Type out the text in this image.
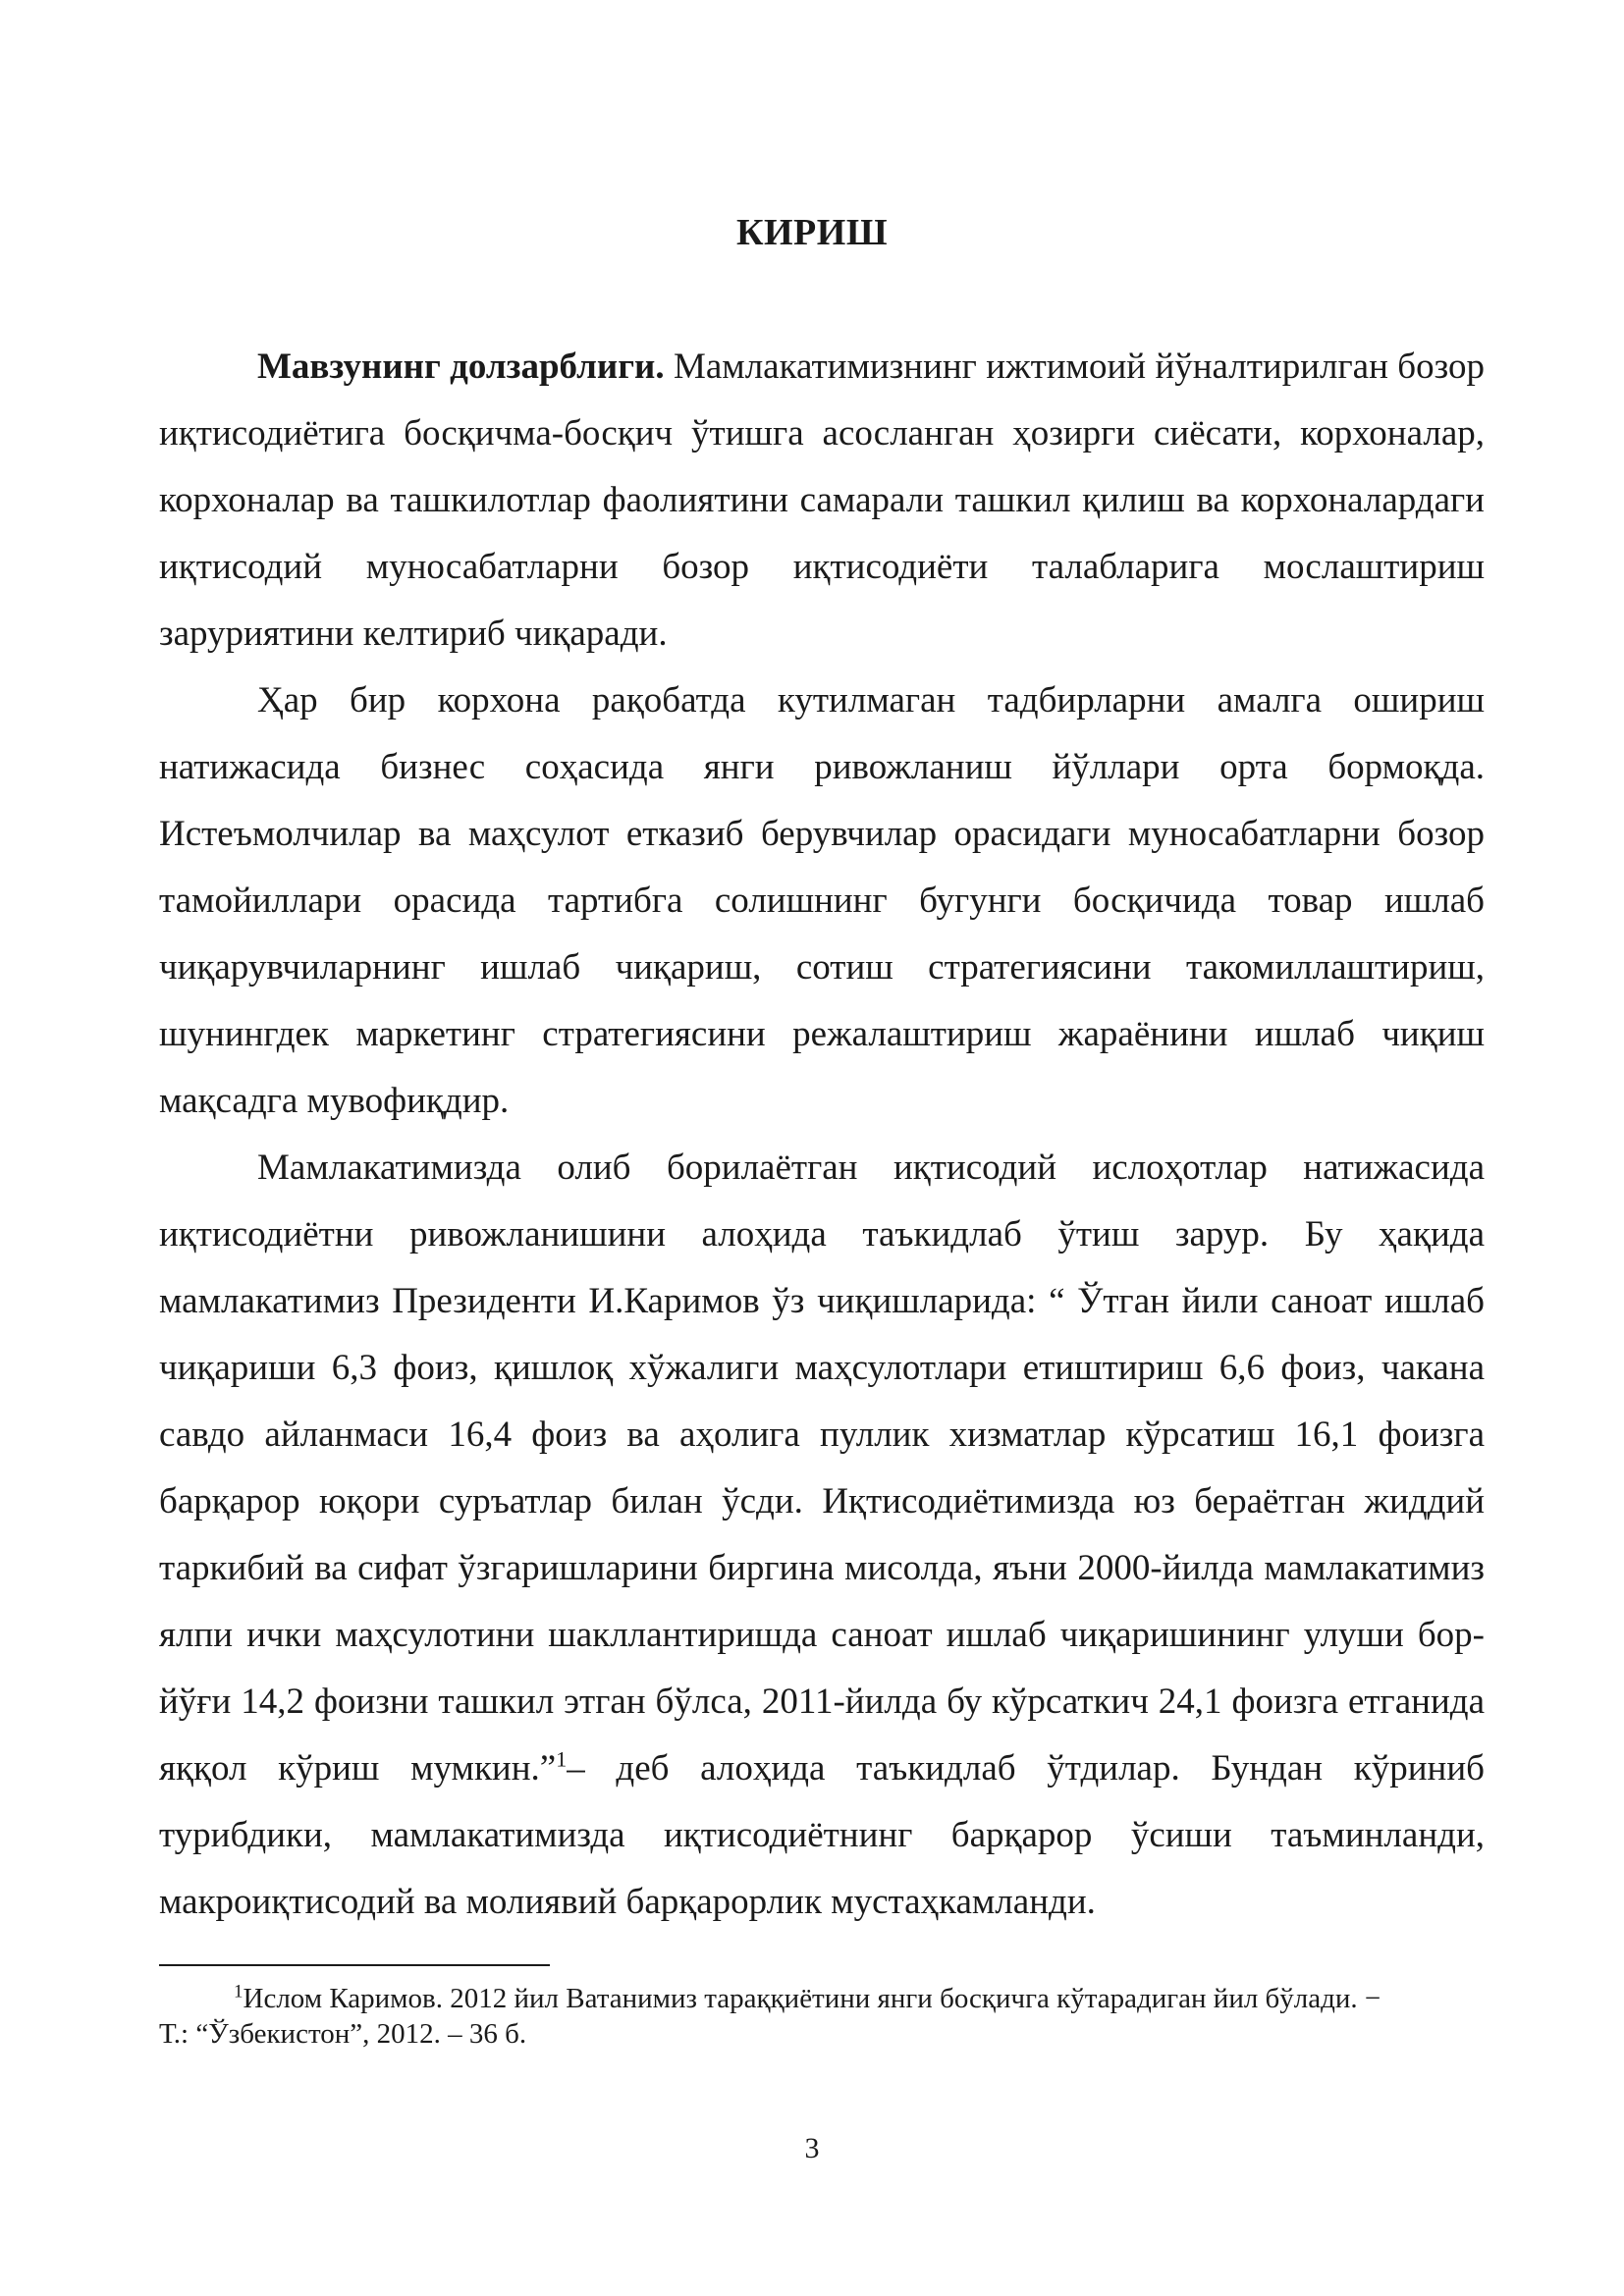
КИРИШ

Мавзунинг долзарблиги. Мамлакатимизнинг ижтимоий йўналтирилган бозор иқтисодиётига босқичма-босқич ўтишга асосланган ҳозирги сиёсати, корхоналар, корхоналар ва ташкилотлар фаолиятини самарали ташкил қилиш ва корхоналардаги иқтисодий муносабатларни бозор иқтисодиёти талабларига мослаштириш заруриятини келтириб чиқаради.

Ҳар бир корхона рақобатда кутилмаган тадбирларни амалга ошириш натижасида бизнес соҳасида янги ривожланиш йўллари орта бормоқда. Истеъмолчилар ва маҳсулот етказиб берувчилар орасидаги муносабатларни бозор тамойиллари орасида тартибга солишнинг бугунги босқичида товар ишлаб чиқарувчиларнинг ишлаб чиқариш, сотиш стратегиясини такомиллаштириш, шунингдек маркетинг стратегиясини режалаштириш жараёнини ишлаб чиқиш мақсадга мувофиқдир.

Мамлакатимизда олиб борилаётган иқтисодий ислоҳотлар натижасида иқтисодиётни ривожланишини алоҳида таъкидлаб ўтиш зарур. Бу ҳақида мамлакатимиз Президенти И.Каримов ўз чиқишларида: “ Ўтган йили саноат ишлаб чиқариши 6,3 фоиз, қишлоқ хўжалиги маҳсулотлари етиштириш 6,6 фоиз, чакана савдо айланмаси 16,4 фоиз ва аҳолига пуллик хизматлар кўрсатиш 16,1 фоизга барқарор юқори суръатлар билан ўсди. Иқтисодиётимизда юз бераётган жиддий таркибий ва сифат ўзгаришларини биргина мисолда, яъни 2000-йилда мамлакатимиз ялпи ички маҳсулотини шакллантиришда саноат ишлаб чиқаришининг улуши бор-йўғи 14,2 фоизни ташкил этган бўлса, 2011-йилда бу кўрсаткич 24,1 фоизга етганида яққол кўриш мумкин.”$^1$– деб алоҳида таъкидлаб ўтдилар. Бундан кўриниб турибдики, мамлакатимизда иқтисодиётнинг барқарор ўсиши таъминланди, макроиқтисодий ва молиявий барқарорлик мустаҳкамланди.

$^1$Ислом Каримов. 2012 йил Ватанимиз тараққиётини янги босқичга кўтарадиган йил бўлади. −
Т.: “Ўзбекистон”, 2012. – 36 б.
3
